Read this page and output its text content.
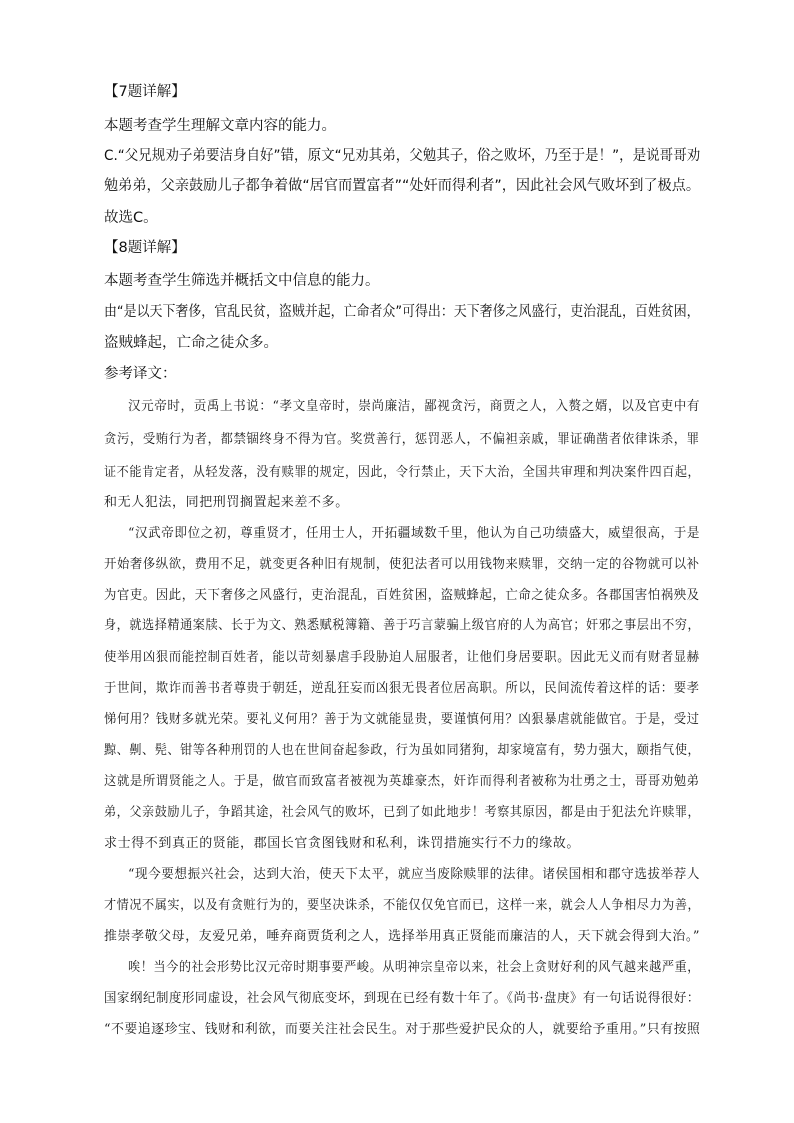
【7题详解】
本题考查学生理解文章内容的能力。
C.“父兄规劝子弟要洁身自好”错，原文“兄劝其弟，父勉其子，俗之败坏，乃至于是！”，是说哥哥劝
勉弟弟，父亲鼓励儿子都争着做“居官而置富者”“处奸而得利者”，因此社会风气败坏到了极点。
故选C。
【8题详解】
本题考查学生筛选并概括文中信息的能力。
由“是以天下奢侈，官乱民贫，盗贼并起，亡命者众”可得出：天下奢侈之风盛行，吏治混乱，百姓贫困，
盗贼蜂起，亡命之徒众多。
参考译文：
汉元帝时，贡禹上书说：“孝文皇帝时，崇尚廉洁，鄙视贪污，商贾之人，入赘之婿，以及官吏中有
贪污，受贿行为者，都禁锢终身不得为官。奖赏善行，惩罚恶人，不偏袒亲戚，罪证确凿者依律诛杀，罪
证不能肯定者，从轻发落，没有赎罪的规定，因此，令行禁止，天下大治，全国共审理和判决案件四百起，
和无人犯法，同把刑罚搁置起来差不多。
“汉武帝即位之初，尊重贤才，任用士人，开拓疆域数千里，他认为自己功绩盛大，威望很高，于是
开始奢侈纵欲，费用不足，就变更各种旧有规制，使犯法者可以用钱物来赎罪，交纳一定的谷物就可以补
为官吏。因此，天下奢侈之风盛行，吏治混乱，百姓贫困，盗贼蜂起，亡命之徒众多。各郡国害怕祸殃及
身，就选择精通案牍、长于为文、熟悉赋税簿籍、善于巧言蒙骗上级官府的人为高官；奸邪之事层出不穷，
使举用凶狠而能控制百姓者，能以苛刻暴虐手段胁迫人屈服者，让他们身居要职。因此无义而有财者显赫
于世间，欺诈而善书者尊贵于朝廷，逆乱狂妄而凶狠无畏者位居高职。所以，民间流传着这样的话：要孝
悌何用？钱财多就光荣。要礼义何用？善于为文就能显贵，要谨慎何用？凶狠暴虐就能做官。于是，受过
黥、劓、髡、钳等各种刑罚的人也在世间奋起参政，行为虽如同猪狗，却家境富有，势力强大，颐指气使，
这就是所谓贤能之人。于是，做官而致富者被视为英雄豪杰，奸诈而得利者被称为壮勇之士，哥哥劝勉弟
弟，父亲鼓励儿子，争蹈其途，社会风气的败坏，已到了如此地步！考察其原因，都是由于犯法允许赎罪，
求士得不到真正的贤能，郡国长官贪图钱财和私利，诛罚措施实行不力的缘故。
“现今要想振兴社会，达到大治，使天下太平，就应当废除赎罪的法律。诸侯国相和郡守选拔举荐人
才情况不属实，以及有贪赃行为的，要坚决诛杀，不能仅仅免官而已，这样一来，就会人人争相尽力为善，
推崇孝敬父母，友爱兄弟，唾弃商贾货利之人，选择举用真正贤能而廉洁的人，天下就会得到大治。”
唉！当今的社会形势比汉元帝时期事要严峻。从明神宗皇帝以来，社会上贪财好利的风气越来越严重，
国家纲纪制度形同虚设，社会风气彻底变坏，到现在已经有数十年了。《尚书·盘庚》有一句话说得很好：
“不要追逐珍宝、钱财和利欲，而要关注社会民生。对于那些爱护民众的人，就要给予重用。”只有按照
